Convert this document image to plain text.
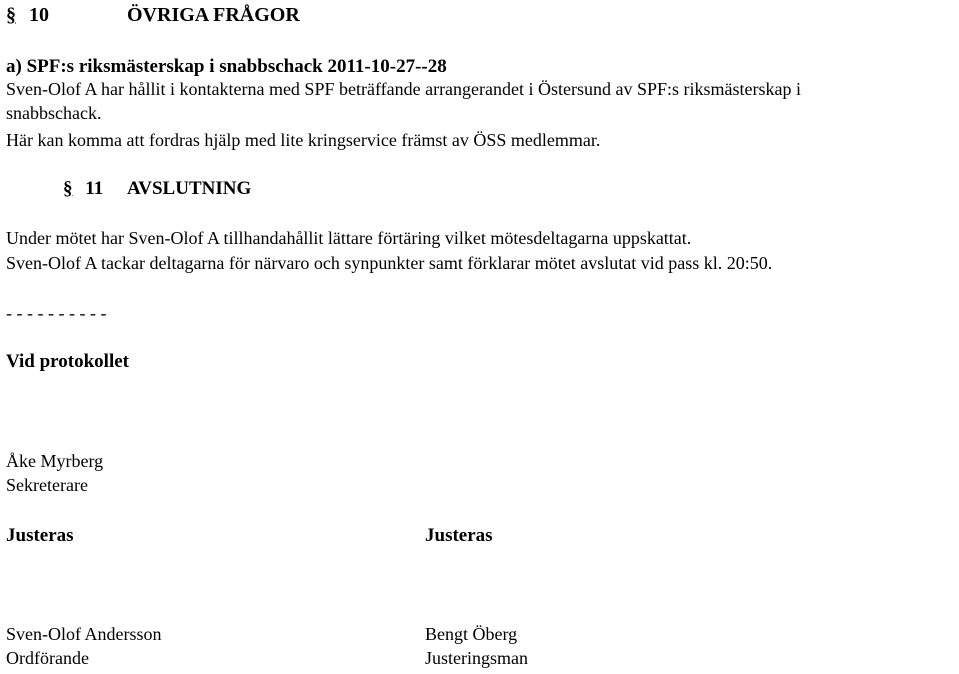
§ 10	ÖVRIGA FRÅGOR
a) SPF:s riksmästerskap i snabbschack 2011-10-27--28
Sven-Olof A har hållit i kontakterna med SPF beträffande arrangerandet i Östersund av SPF:s riksmästerskap i
snabbschack.
Här kan komma att fordras hjälp med lite kringservice främst av ÖSS medlemmar.
§ 11 AVSLUTNING
Under mötet har Sven-Olof A tillhandahållit lättare förtäring vilket mötesdeltagarna uppskattat.
Sven-Olof A tackar deltagarna för närvaro och synpunkter samt förklarar mötet avslutat vid pass kl. 20:50.
- - - - - - - - - -
Vid protokollet
Åke Myrberg
Sekreterare
Justeras	Justeras
Sven-Olof Andersson
Ordförande
Bengt Öberg
Justeringsman
